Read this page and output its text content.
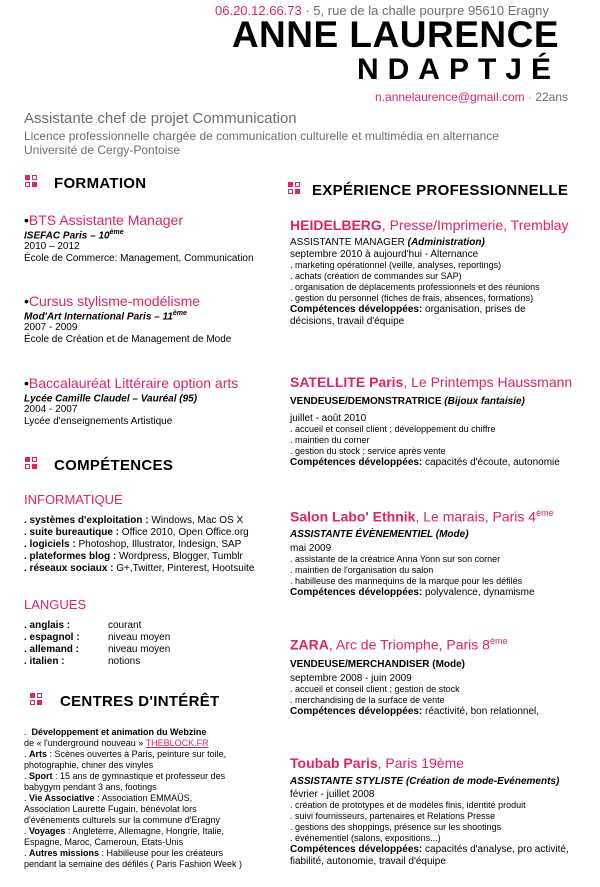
06.20.12.66.73 · 5, rue de la challe pourpre 95610 Eragny
ANNE LAURENCE
NDAPTJÉ
n.annelaurence@gmail.com · 22ans
Assistante chef de projet Communication
Licence professionnelle chargée de communication culturelle et multimédia en alternance
Université de Cergy-Pontoise
FORMATION
•BTS Assistante Manager
ISEFAC Paris – 10ème
2010 – 2012
École de Commerce: Management, Communication
•Cursus stylisme-modélisme
Mod'Art International Paris – 11ème
2007 - 2009
École de Création et de Management de Mode
•Baccalauréat Littéraire option arts
Lycée Camille Claudel – Vauréal (95)
2004 - 2007
Lycée d'enseignements Artistique
COMPÉTENCES
INFORMATIQUE
. systèmes d'exploitation : Windows, Mac OS X
. suite bureautique : Office 2010, Open Office.org
. logiciels : Photoshop, Illustrator, Indesign, SAP
. plateformes blog : Wordpress, Blogger, Tumblr
. réseaux sociaux : G+,Twitter, Pinterest, Hootsuite
LANGUES
. anglais :	courant
. espagnol :	niveau moyen
. allemand :	niveau moyen
. italien :	notions
CENTRES D'INTÉRÊT
.  Développement et animation du Webzine
de « l'underground nouveau » THEBLOCK.FR
. Arts : Scènes ouvertes à Paris, peinture sur toile,
photographie, chiner des vinyles
. Sport : 15 ans de gymnastique et professeur des
babygym pendant 3 ans, footings
. Vie Associative : Association EMMAÜS,
Association Laurette Fugain, bénévolat lors
d'événements culturels sur la commune d'Eragny
. Voyages : Angleterre, Allemagne, Hongrie, Italie,
Espagne, Maroc, Cameroun, Etats-Unis
. Autres missions : Habilleuse pour les créateurs
pendant la semaine des défilés ( Paris Fashion Week )
EXPÉRIENCE PROFESSIONNELLE
HEIDELBERG, Presse/Imprimerie, Tremblay
ASSISTANTE MANAGER (Administration)
septembre 2010 à aujourd'hui - Alternance
. marketing opérationnel (veille, analyses, reportings)
. achats (création de commandes sur SAP)
. organisation de déplacements professionnels et des réunions
. gestion du personnel (fiches de frais, absences, formations)
Compétences développées: organisation, prises de
décisions, travail d'équipe
SATELLITE Paris, Le Printemps Haussmann
VENDEUSE/DEMONSTRATRICE (Bijoux fantaisie)
juillet - août 2010
. accueil et conseil client ; développement du chiffre
. maintien du corner
. gestion du stock ; service après vente
Compétences développées: capacités d'écoute, autonomie
Salon Labo' Ethnik, Le marais, Paris 4ème
ASSISTANTE ÉVÈNEMENTIEL (Mode)
mai 2009
. assistante de la créatrice Anna Yonn sur son corner
. maintien de l'organisation du salon
. habilleuse des mannequins de la marque pour les défilés
Compétences développées: polyvalence, dynamisme
ZARA, Arc de Triomphe, Paris 8ème
VENDEUSE/MERCHANDISER (Mode)
septembre 2008 - juin 2009
. accueil et conseil client ; gestion de stock
. merchandising de la surface de vente
Compétences développées: réactivité, bon relationnel,
Toubab Paris, Paris 19ème
ASSISTANTE STYLISTE (Création de mode-Evénements)
février - juillet 2008
. création de prototypes et de modèles finis, identité produit
. suivi fournisseurs, partenaires et Relations Presse
. gestions des shoppings, présence sur les shootings
. événementiel (salons, expositions...)
Compétences développées: capacités d'analyse, pro activité,
fiabilité, autonomie, travail d'équipe
